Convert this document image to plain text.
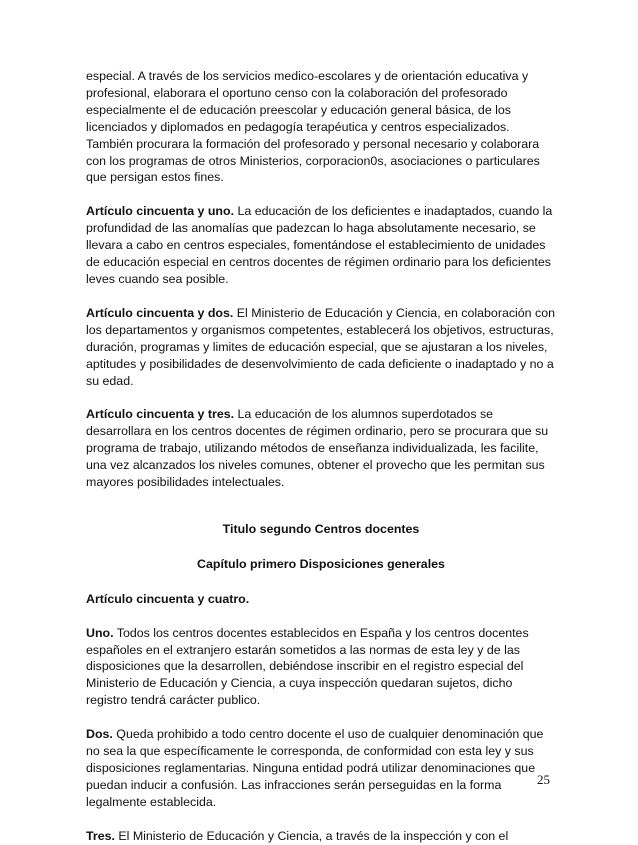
especial. A través de los servicios medico-escolares y de orientación educativa y profesional, elaborara el oportuno censo con la colaboración del profesorado especialmente el de educación preescolar y educación general básica, de los licenciados y diplomados en pedagogía terapéutica y centros especializados. También procurara la formación del profesorado y personal necesario y colaborara con los programas de otros Ministerios, corporacion0s, asociaciones o particulares que persigan estos fines.

Artículo cincuenta y uno. La educación de los deficientes e inadaptados, cuando la profundidad de las anomalías que padezcan lo haga absolutamente necesario, se llevara a cabo en centros especiales, fomentándose el establecimiento de unidades de educación especial en centros docentes de régimen ordinario para los deficientes leves cuando sea posible.

Artículo cincuenta y dos. El Ministerio de Educación y Ciencia, en colaboración con los departamentos y organismos competentes, establecerá los objetivos, estructuras, duración, programas y limites de educación especial, que se ajustaran a los niveles, aptitudes y posibilidades de desenvolvimiento de cada deficiente o inadaptado y no a su edad.

Artículo cincuenta y tres. La educación de los alumnos superdotados se desarrollara en los centros docentes de régimen ordinario, pero se procurara que su programa de trabajo, utilizando métodos de enseñanza individualizada, les facilite, una vez alcanzados los niveles comunes, obtener el provecho que les permitan sus mayores posibilidades intelectuales.

Titulo segundo Centros docentes

Capítulo primero Disposiciones generales

Artículo cincuenta y cuatro.

Uno. Todos los centros docentes establecidos en España y los centros docentes españoles en el extranjero estarán sometidos a las normas de esta ley y de las disposiciones que la desarrollen, debiéndose inscribir en el registro especial del Ministerio de Educación y Ciencia, a cuya inspección quedaran sujetos, dicho registro tendrá carácter publico.

Dos. Queda prohibido a todo centro docente el uso de cualquier denominación que no sea la que específicamente le corresponda, de conformidad con esta ley y sus disposiciones reglamentarias. Ninguna entidad podrá utilizar denominaciones que puedan inducir a confusión. Las infracciones serán perseguidas en la forma legalmente establecida.

Tres. El Ministerio de Educación y Ciencia, a través de la inspección y con el

25
